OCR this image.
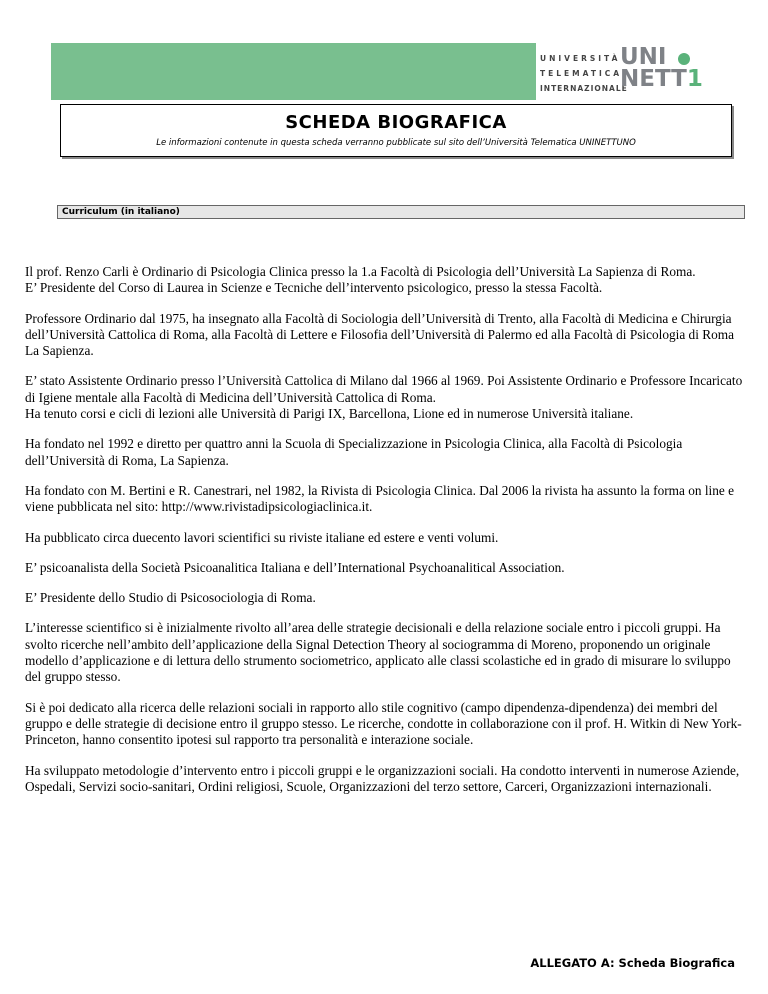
UNIVERSITÀ
TELEMATICA
INTERNAZIONALE
UNI
NETT1
SCHEDA BIOGRAFICA
Le informazioni contenute in questa scheda verranno pubblicate sul sito dell’Università Telematica UNINETTUNO
Curriculum (in italiano)

Il prof. Renzo Carli è Ordinario di Psicologia Clinica presso la 1.a Facoltà di Psicologia dell’Università La Sapienza di Roma.
E’ Presidente del Corso di Laurea in Scienze e Tecniche dell’intervento psicologico, presso la stessa Facoltà.

Professore Ordinario dal 1975, ha insegnato alla Facoltà di Sociologia dell’Università di Trento, alla Facoltà di Medicina e Chirurgia dell’Università Cattolica di Roma, alla Facoltà di Lettere e Filosofia dell’Università di Palermo ed alla Facoltà di Psicologia di Roma La Sapienza.

E’ stato Assistente Ordinario presso l’Università Cattolica di Milano dal 1966 al 1969. Poi Assistente Ordinario e Professore Incaricato di Igiene mentale alla Facoltà di Medicina dell’Università Cattolica di Roma.
Ha tenuto corsi e cicli di lezioni alle Università di Parigi IX, Barcellona, Lione ed in numerose Università italiane.

Ha fondato nel 1992 e diretto per quattro anni la Scuola di Specializzazione in Psicologia Clinica, alla Facoltà di Psicologia dell’Università di Roma, La Sapienza.

Ha fondato con M. Bertini e R. Canestrari, nel 1982, la Rivista di Psicologia Clinica. Dal 2006 la rivista ha assunto la forma on line e viene pubblicata nel sito: http://www.rivistadipsicologiaclinica.it.

Ha pubblicato circa duecento lavori scientifici su riviste italiane ed estere e venti volumi.

E’ psicoanalista della Società Psicoanalitica Italiana e dell’International Psychoanalitical Association.

E’ Presidente dello Studio di Psicosociologia di Roma.

L’interesse scientifico si è inizialmente rivolto all’area delle strategie decisionali e della relazione sociale entro i piccoli gruppi. Ha svolto ricerche nell’ambito dell’applicazione della Signal Detection Theory al sociogramma di Moreno, proponendo un originale modello d’applicazione e di lettura dello strumento sociometrico, applicato alle classi scolastiche ed in grado di misurare lo sviluppo del gruppo stesso.

Si è poi dedicato alla ricerca delle relazioni sociali in rapporto allo stile cognitivo (campo dipendenza-dipendenza) dei membri del gruppo e delle strategie di decisione entro il gruppo stesso. Le ricerche, condotte in collaborazione con il prof. H. Witkin di New York-Princeton, hanno consentito ipotesi sul rapporto tra personalità e interazione sociale.

Ha sviluppato metodologie d’intervento entro i piccoli gruppi e le organizzazioni sociali. Ha condotto interventi in numerose Aziende, Ospedali, Servizi socio-sanitari, Ordini religiosi, Scuole, Organizzazioni del terzo settore, Carceri, Organizzazioni internazionali.

ALLEGATO A: Scheda Biografica
